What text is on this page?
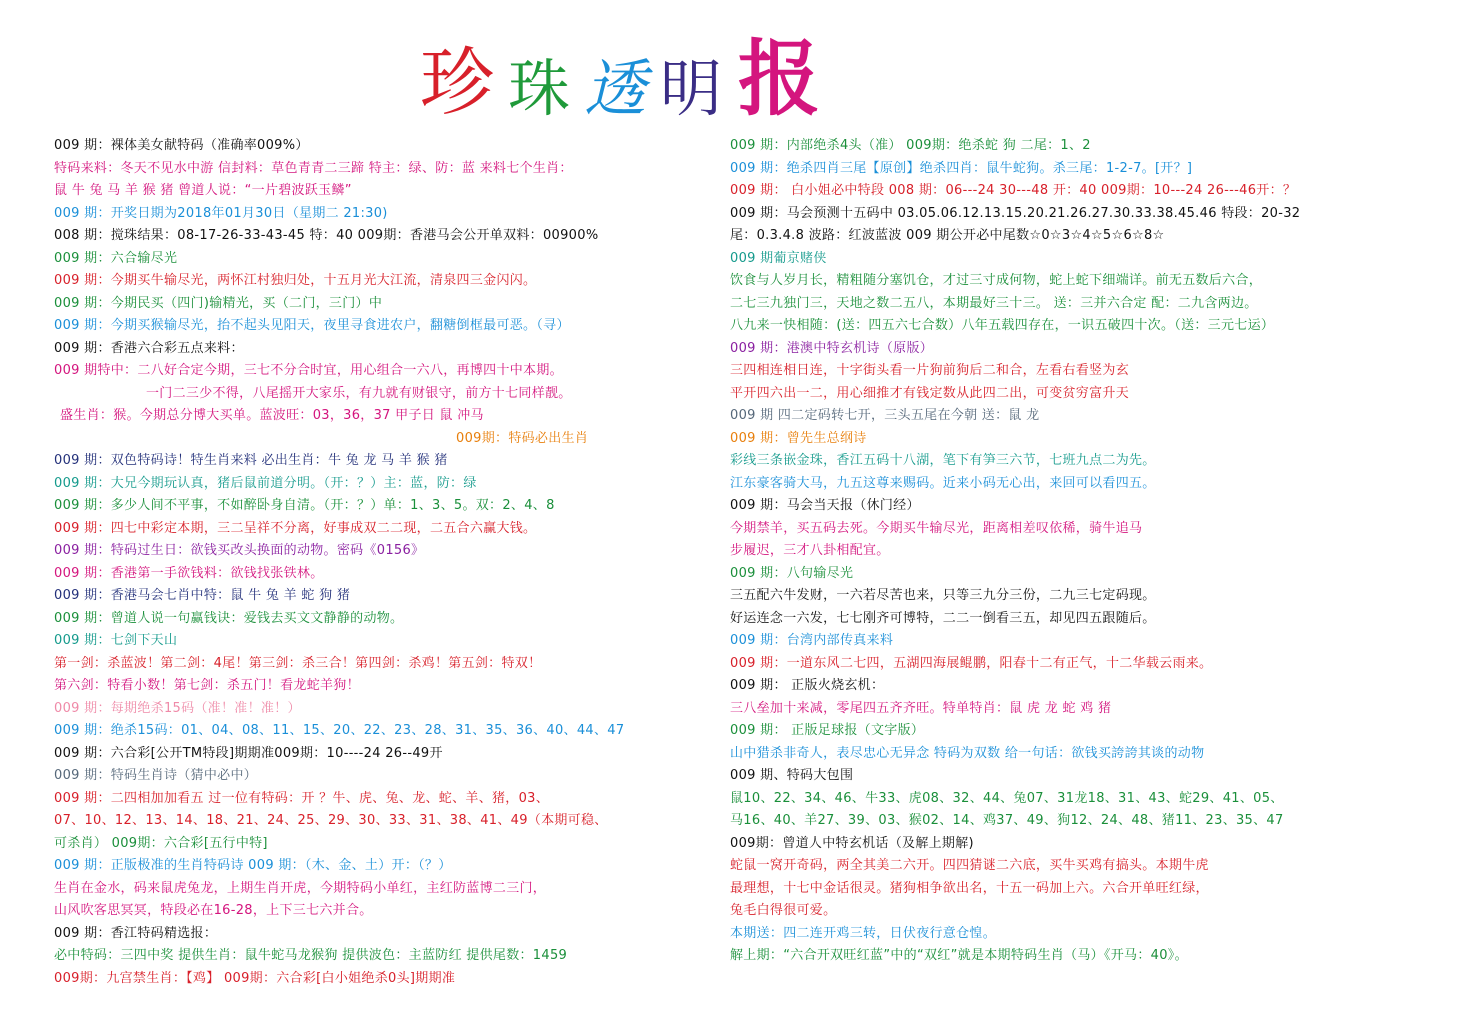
珍 珠 透 明 报
009 期：裸体美女献特码（准确率009%）
特码来料：冬天不见水中游 信封料：草色青青二三蹄 特主：绿、防：蓝 来料七个生肖：
鼠 牛 兔 马 羊 猴 猪 曾道人说：“一片碧波跃玉鳞”
009 期：开奖日期为2018年01月30日（星期二 21:30)
008 期：搅珠结果：08-17-26-33-43-45 特：40 009期：香港马会公开单双料：00900%
009 期：六合输尽光
009 期：今期买牛输尽光，两怀江村独归处，十五月光大江流，清泉四三金闪闪。
009 期：今期民买（四门)输精光，买（二门，三门）中
009 期：今期买猴输尽光，抬不起头见阳天，夜里寻食进农户，翻糖倒框最可恶。（寻）
009 期：香港六合彩五点来料：
009 期特中：二八好合定今期，三七不分合时宜，用心组合一六八，再博四十中本期。
一门二三少不得，八尾摇开大家乐，有九就有财银守，前方十七同样靓。
盛生肖：猴。今期总分博大买单。蓝波旺：03，36，37 甲子日 鼠 冲马
009期：特码必出生肖
009 期：双色特码诗！特生肖来料 必出生肖：牛 兔 龙 马 羊 猴 猪
009 期：大兄今期玩认真，猪后鼠前道分明。（开：？）主：蓝，防：绿
009 期：多少人间不平事，不如醉卧身自清。（开：？）单：1、3、5。双：2、4、8
009 期：四七中彩定本期，三二呈祥不分离，好事成双二二现，二五合六赢大钱。
009 期：特码过生日：欲钱买改头换面的动物。密码《0156》
009 期：香港第一手欲钱料：欲钱找张铁林。
009 期：香港马会七肖中特：鼠 牛 兔 羊 蛇 狗 猪
009 期：曾道人说一句赢钱诀：爱钱去买文文静静的动物。
009 期：七剑下天山
第一剑：杀蓝波！第二剑：4尾！第三剑：杀三合！第四剑：杀鸡！第五剑：特双！
第六剑：特看小数！第七剑：杀五门！看龙蛇羊狗！
009 期：每期绝杀15码（准！准！准！）
009 期：绝杀15码：01、04、08、11、15、20、22、23、28、31、35、36、40、44、47
009 期：六合彩[公开TM特段]期期准009期：10----24 26--49开
009 期：特码生肖诗（猜中必中）
009 期：二四相加加看五 过一位有特码：开 ？牛、虎、兔、龙、蛇、羊、猪，03、
07、10、12、13、14、18、21、24、25、29、30、33、31、38、41、49（本期可稳、
可杀肖） 009期：六合彩[五行中特]
009 期：正版极准的生肖特码诗 009 期：（木、金、土）开：（？）
生肖在金水，码来鼠虎兔龙，上期生肖开虎，今期特码小单红，主红防蓝博二三门，
山风吹客思冥冥，特段必在16-28，上下三七六并合。
009 期：香江特码精选报：
必中特码：三四中奖 提供生肖：鼠牛蛇马龙猴狗 提供波色：主蓝防红 提供尾数：1459
009期：九宫禁生肖：【鸡】 009期：六合彩[白小姐绝杀0头]期期准
009 期：内部绝杀4头（准） 009期：绝杀蛇 狗 二尾：1、2
009 期：绝杀四肖三尾【原创】绝杀四肖：鼠牛蛇狗。杀三尾：1-2-7。[开？]
009 期： 白小姐必中特段 008 期：06---24 30---48 开：40 009期：10---24 26---46开：？
009 期：马会预测十五码中 03.05.06.12.13.15.20.21.26.27.30.33.38.45.46 特段：20-32
尾：0.3.4.8 波路：红波蓝波 009 期公开必中尾数☆0☆3☆4☆5☆6☆8☆
009 期葡京赌侠
饮食与人岁月长，精粗随分塞饥仓，才过三寸成何物，蛇上蛇下细端详。前无五数后六合，
二七三九独门三，天地之数二五八，本期最好三十三。 送：三并六合定 配：二九含两边。
八九来一快相随：(送：四五六七合数）八年五载四存在，一识五破四十次。（送：三元七运）
009 期：港澳中特玄机诗（原版）
三四相连相日连，十字街头看一片狗前狗后二和合，左看右看竖为玄
平开四六出一二，用心细推才有钱定数从此四二出，可变贫穷富升天
009 期 四二定码转七开，三头五尾在今朝 送：鼠 龙
009 期：曾先生总纲诗
彩线三条嵌金珠，香江五码十八湖，笔下有笋三六节，七班九点二为先。
江东豪客骑大马，九五这尊来赐码。近来小码无心出，来回可以看四五。
009 期：马会当天报（休门经）
今期禁羊，买五码去死。今期买牛输尽光，距离相差叹依稀，骑牛追马
步履迟，三才八卦相配宜。
009 期：八句输尽光
三五配六牛发财，一六若尽苦也来，只等三九分三份，二九三七定码现。
好运连念一六发，七七刚齐可博特，二二一倒看三五，却见四五跟随后。
009 期：台湾内部传真来料
009 期：一道东风二七四，五湖四海展鲲鹏，阳春十二有正气，十二华载云雨来。
009 期： 正版火烧玄机：
三八垒加十来减，零尾四五齐齐旺。特单特肖：鼠 虎 龙 蛇 鸡 猪
009 期： 正版足球报（文字版）
山中猎杀非奇人，表尽忠心无异念 特码为双数 给一句话：欲钱买誇誇其谈的动物
009 期、特码大包围
鼠10、22、34、46、牛33、虎08、32、44、兔07、31龙18、31、43、蛇29、41、05、
马16、40、羊27、39、03、猴02、14、鸡37、49、狗12、24、48、猪11、23、35、47
009期：曾道人中特玄机话（及解上期解)
蛇鼠一窝开奇码，两全其美二六开。四四猜谜二六底，买牛买鸡有搞头。本期牛虎
最理想，十七中金话很灵。猪狗相争欲出名，十五一码加上六。六合开单旺红绿，
兔毛白得很可爱。
本期送：四二连开鸡三转，日伏夜行意仓惶。
解上期：“六合开双旺红蓝”中的“双红”就是本期特码生肖（马）《开马：40》。
